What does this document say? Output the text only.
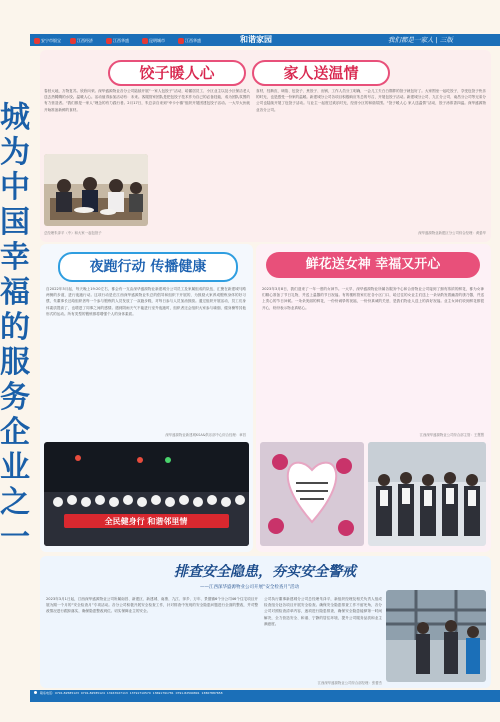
安宁市银宝	江西经济	江西华盛	昆明城市	江西华盛	和谐家园	我们都是一家人 | 三版
城为中国幸福的服务企业之一
饺子暖人心	家人送温情
春回大地，万物复苏。欣欣向荣。深华盛源物业各分公司陆续开展“一家人包饺子”活动，给蓄居员工、小区业主以及小区保洁老人送去热腾腾的水饺。温暖人心。活动值得参加活动有：未来。客服管家团队是把包饺子技术作为自己的必备技能，成为团队氛围的有力营造者。“我们都是一家人”理念的有力践行者。2月17日，朱总亲自来到“幸卡小镇”组织开展团建包饺子活动。一大早大伙就开始准备新鲜的食材。
总经理朱泽平（中）和大家一起包饺子
食材，经擀皮、调馅、包饺子、煮饺子、出锅，工作人员分工明确，一会儿工夫白白胖胖的饺子就包好了。大家围坐一起吃饺子，享受包饺子快乐的时光，也是感受一份家的温暖。新建城分公司各项目积极响应朱总的号召，开展包饺子活动。新建城分公司、九江分公司、南昌分公司等兄弟分公司也陆续开展了包饺子活动。与业主一起度过欢乐时光，经营小区的和谐氛围。“饺子暖人心 家人送温情”活动，饺子汤浓香四溢。深华盛源物业各分公司。
深华盛源物业新建区分公司综合经理：黄晏华
夜跑行动 传播健康
自2022年5月起，每天晚上19:20左右，都会有一支由深华盛源物业新建城分公司员工及家属组成的队伍，汇聚在新建城马路两侧的步道，进行夜跑行动。这项行动是在江西深华盛源物业朱总的倡导和组织下开展的，为鼓励大家养成锻炼身体的好习惯，朱董事长还给组织者每一个参与锻炼的人员发放了一双跑步鞋，对每日参与人员加油鼓励。通过组织开展活动，员工们身体素质提高了，也增进了同事之间的感情。遇到阴雨天气不能进行室外夜跑时，组织者还会组织大家参与瑜伽、健身操等其他形式的运动。所有类型的锻炼都将增强个人的身体素质。
深华盛源物业新建城KSA&俱乐部中心综合经理：章昌
全民健身行 和谐邻里情
鲜花送女神 幸福又开心
2023年3月8日，我们迎来了一年一度的女神节。一大早，深华盛源物业所属各服务中心和合营物业公司接到了拥有浓浓的鲜花，都为女神们精心准备了节日礼物，并送上温馨的节日祝福。有的楼栋管家们在各小区门口，给过往的女业主们送上一朵朵散发着幽香的康乃馨，并送上衷心的节日问候。一朵朵美丽的鲜花，一份份诚挚的祝福，一份份真诚的关爱，是我们物业人送上的真好祝福。业主女神们收到鲜花都很开心，纷纷表示物业真贴心。
江西深华盛源物业公司综合部主管：王慧慧
排查安全隐患，夯实安全警戒
——江西深华盛源物业公司开展“安全检查月”活动
2023年3月1日起，江西深华盛源物业公司所属南昌、新建区、新建城、南康、九江、萍乡、万年、景德镇6个分公司46个住宅项目开展为期一个月的“安全检查月”专项活动。各分公司积极开展安全检查工作，针对排查中发现的安全隐患问题进行全面的整改，并对整改情况进行跟踪落实，确保隐患整改到位。切实保障业主的安全。
公司执行董事新建城分公司总经理朱泽平，新组织经理及相关负责人组成检查组分赴各项目开展安全检查。确保安全隐患排查工作不留死角，各分公司对照检查清单内容，逐项进行隐患排查，确保安全隐患能够第一时间解决，全力营造安全、和谐、宁静的居住环境，提升公司服务品质和业主满意度。
江西深华盛源物业公司综合部经理：张蕾杰
联系电话：0791-82585123 0791-82585124 13167027113 13791710570 13691791781 0791-82599891 13867887658
